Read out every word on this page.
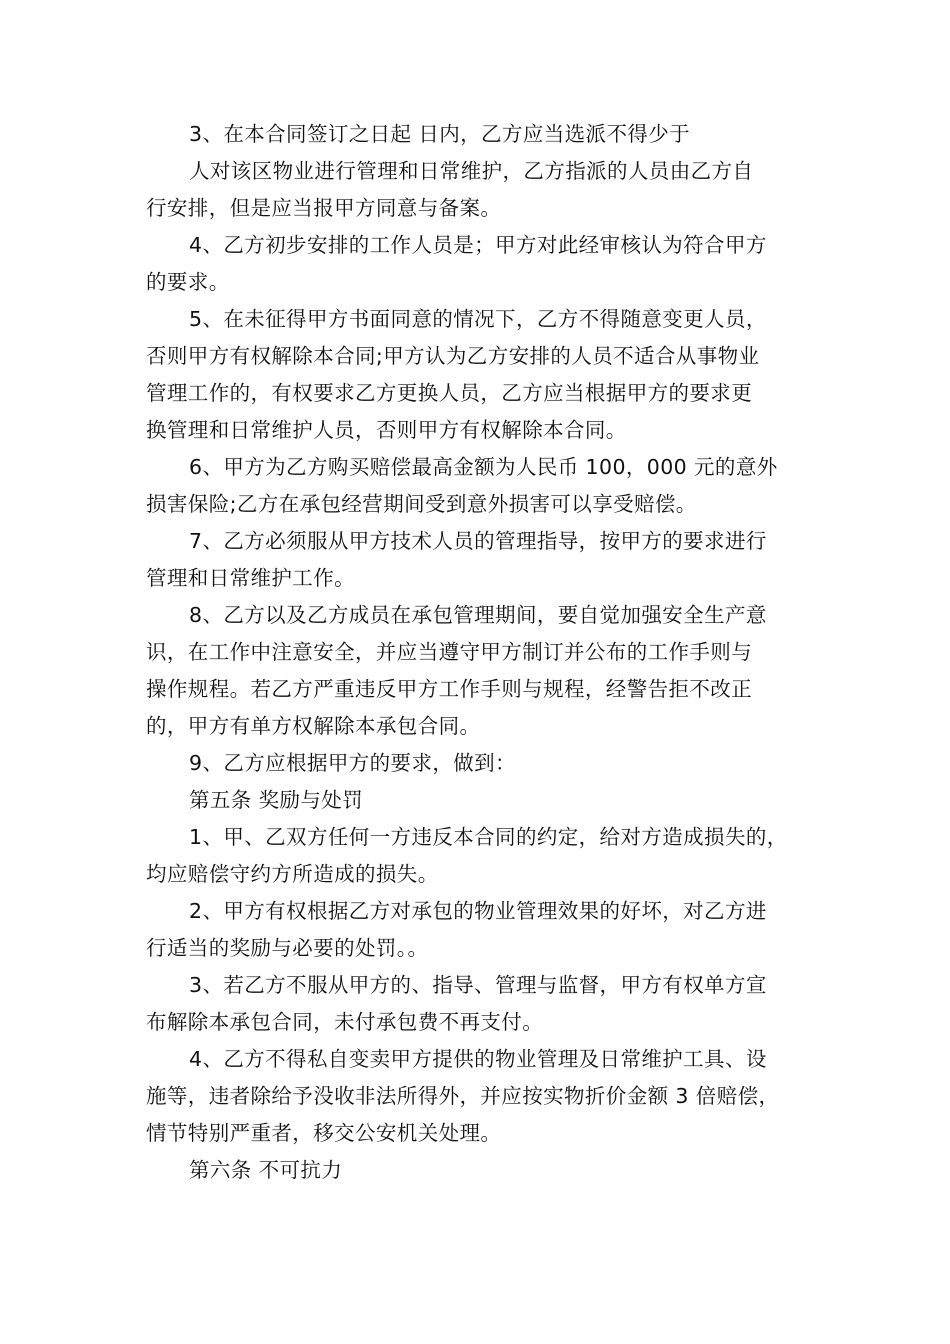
3、在本合同签订之日起 日内，乙方应当选派不得少于
人对该区物业进行管理和日常维护，乙方指派的人员由乙方自
行安排，但是应当报甲方同意与备案。
4、乙方初步安排的工作人员是；甲方对此经审核认为符合甲方
的要求。
5、在未征得甲方书面同意的情况下，乙方不得随意变更人员，
否则甲方有权解除本合同;甲方认为乙方安排的人员不适合从事物业
管理工作的，有权要求乙方更换人员，乙方应当根据甲方的要求更
换管理和日常维护人员，否则甲方有权解除本合同。
6、甲方为乙方购买赔偿最高金额为人民币 100，000 元的意外
损害保险;乙方在承包经营期间受到意外损害可以享受赔偿。
7、乙方必须服从甲方技术人员的管理指导，按甲方的要求进行
管理和日常维护工作。
8、乙方以及乙方成员在承包管理期间，要自觉加强安全生产意
识，在工作中注意安全，并应当遵守甲方制订并公布的工作手则与
操作规程。若乙方严重违反甲方工作手则与规程，经警告拒不改正
的，甲方有单方权解除本承包合同。
9、乙方应根据甲方的要求，做到：
第五条 奖励与处罚
1、甲、乙双方任何一方违反本合同的约定，给对方造成损失的，
均应赔偿守约方所造成的损失。
2、甲方有权根据乙方对承包的物业管理效果的好坏，对乙方进
行适当的奖励与必要的处罚。。
3、若乙方不服从甲方的、指导、管理与监督，甲方有权单方宣
布解除本承包合同，未付承包费不再支付。
4、乙方不得私自变卖甲方提供的物业管理及日常维护工具、设
施等，违者除给予没收非法所得外，并应按实物折价金额 3 倍赔偿，
情节特别严重者，移交公安机关处理。
第六条 不可抗力
